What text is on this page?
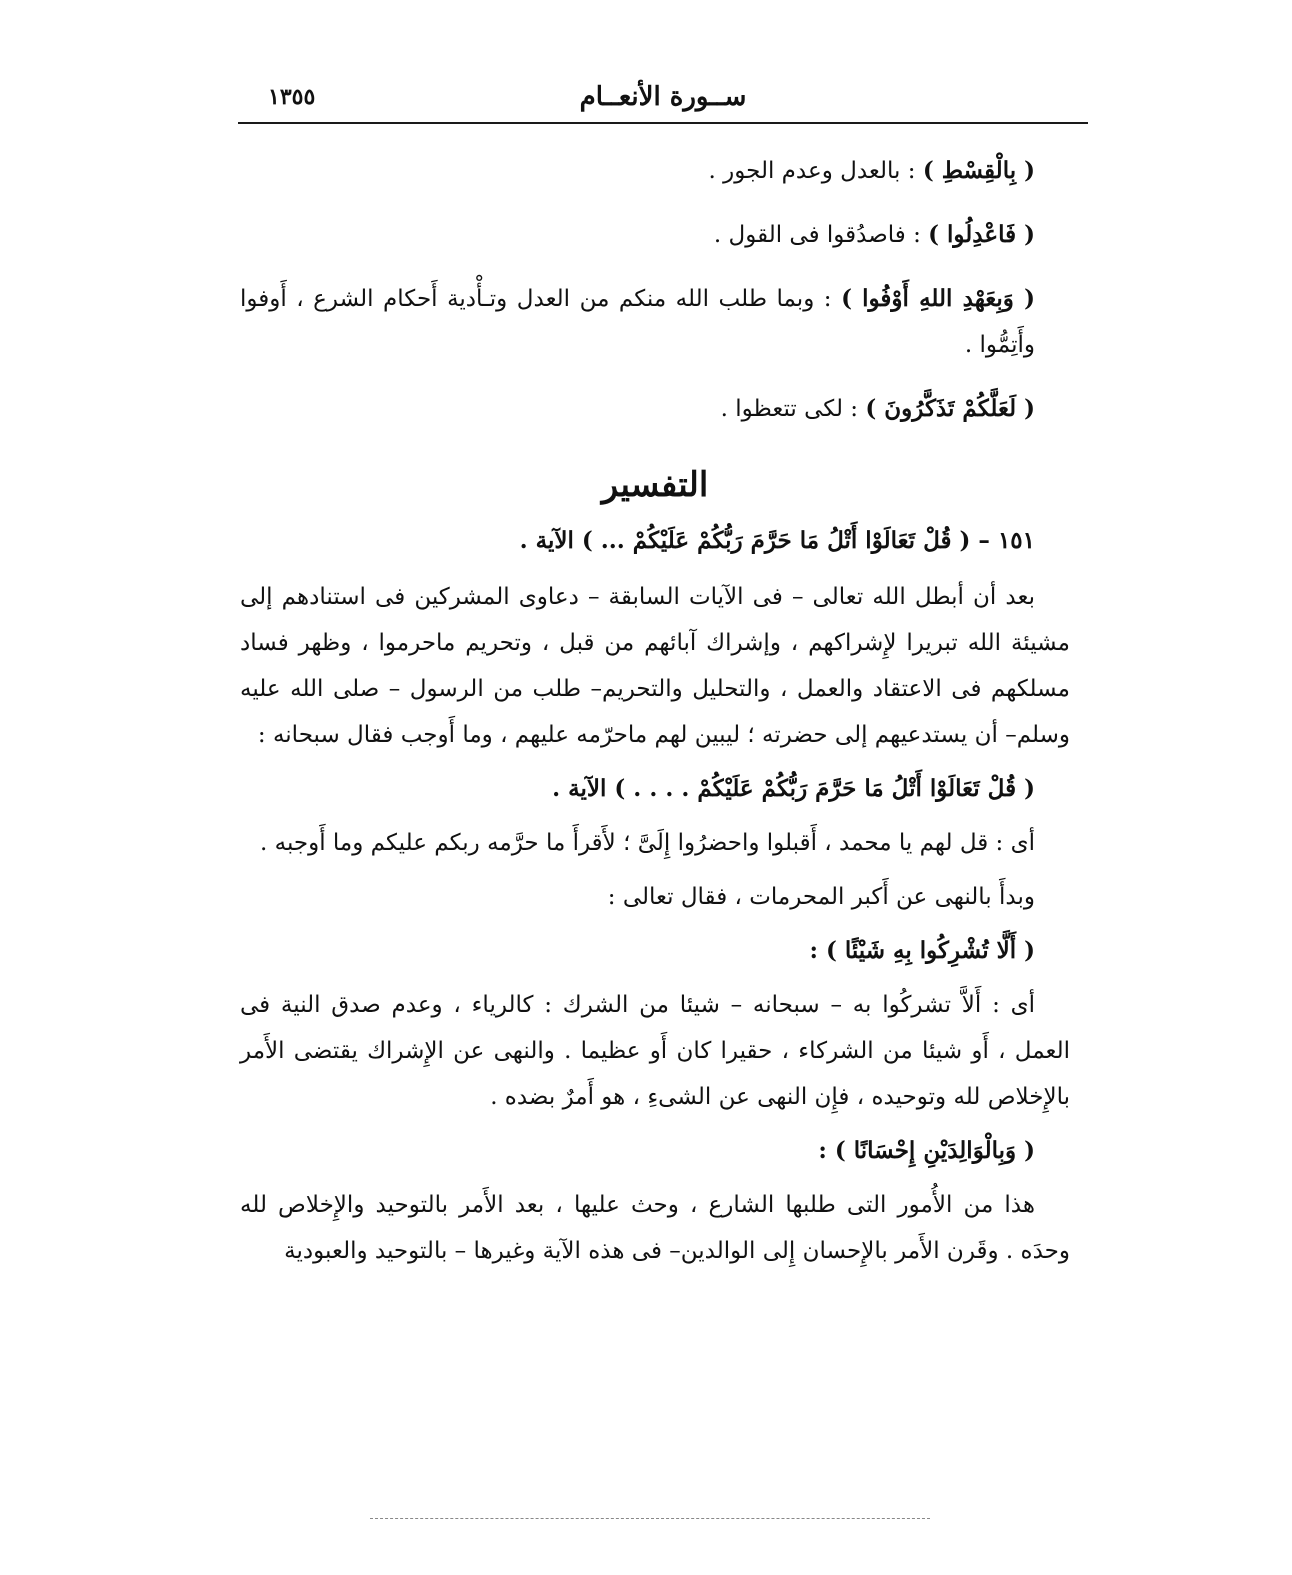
١٣٥٥	ســورة الأنعــام
( بِالْقِسْطِ ) : بالعدل وعدم الجور .
( فَاعْدِلُوا ) : فاصدُقوا فى القول .
( وَبِعَهْدِ اللهِ أَوْفُوا ) : وبما طلب الله منكم من العدل وتـأْدية أَحكام الشرع ، أَوفوا وأَتِمُّوا .
( لَعَلَّكُمْ تَذَكَّرُونَ ) : لكى تتعظوا .
التفسير
١٥١ – ( قُلْ تَعَالَوْا أَتْلُ مَا حَرَّمَ رَبُّكُمْ عَلَيْكُمْ ... ) الآية .

بعد أن أبطل الله تعالى – فى الآيات السابقة – دعاوى المشركين فى استنادهم إلى مشيئة الله تبريرا لإِشراكهم ، وإشراك آبائهم من قبل ، وتحريم ماحرموا ، وظهر فساد مسلكهم فى الاعتقاد والعمل ، والتحليل والتحريم– طلب من الرسول – صلى الله عليه وسلم– أن يستدعيهم إلى حضرته ؛ ليبين لهم ماحرّمه عليهم ، وما أَوجب فقال سبحانه :

( قُلْ تَعَالَوْا أَتْلُ مَا حَرَّمَ رَبُّكُمْ عَلَيْكُمْ . . . . ) الآية .

أى : قل لهم يا محمد ، أَقبلوا واحضرُوا إِلَىَّ ؛ لأَقرأَ ما حرَّمه ربكم عليكم وما أَوجبه .

وبدأَ بالنهى عن أَكبر المحرمات ، فقال تعالى :

( أَلَّا تُشْرِكُوا بِهِ شَيْئًا ) :

أى : أَلاَّ تشركُوا به – سبحانه – شيئا من الشرك : كالرياء ، وعدم صدق النية فى العمل ، أَو شيئا من الشركاء ، حقيرا كان أَو عظيما . والنهى عن الإِشراك يقتضى الأَمر بالإِخلاص لله وتوحيده ، فإِن النهى عن الشىءِ ، هو أَمرٌ بضده .

( وَبِالْوَالِدَيْنِ إِحْسَانًا ) :

هذا من الأُمور التى طلبها الشارع ، وحث عليها ، بعد الأَمر بالتوحيد والإِخلاص لله وحدَه . وقَرن الأَمر بالإِحسان إِلى الوالدين– فى هذه الآية وغيرها – بالتوحيد والعبودية
